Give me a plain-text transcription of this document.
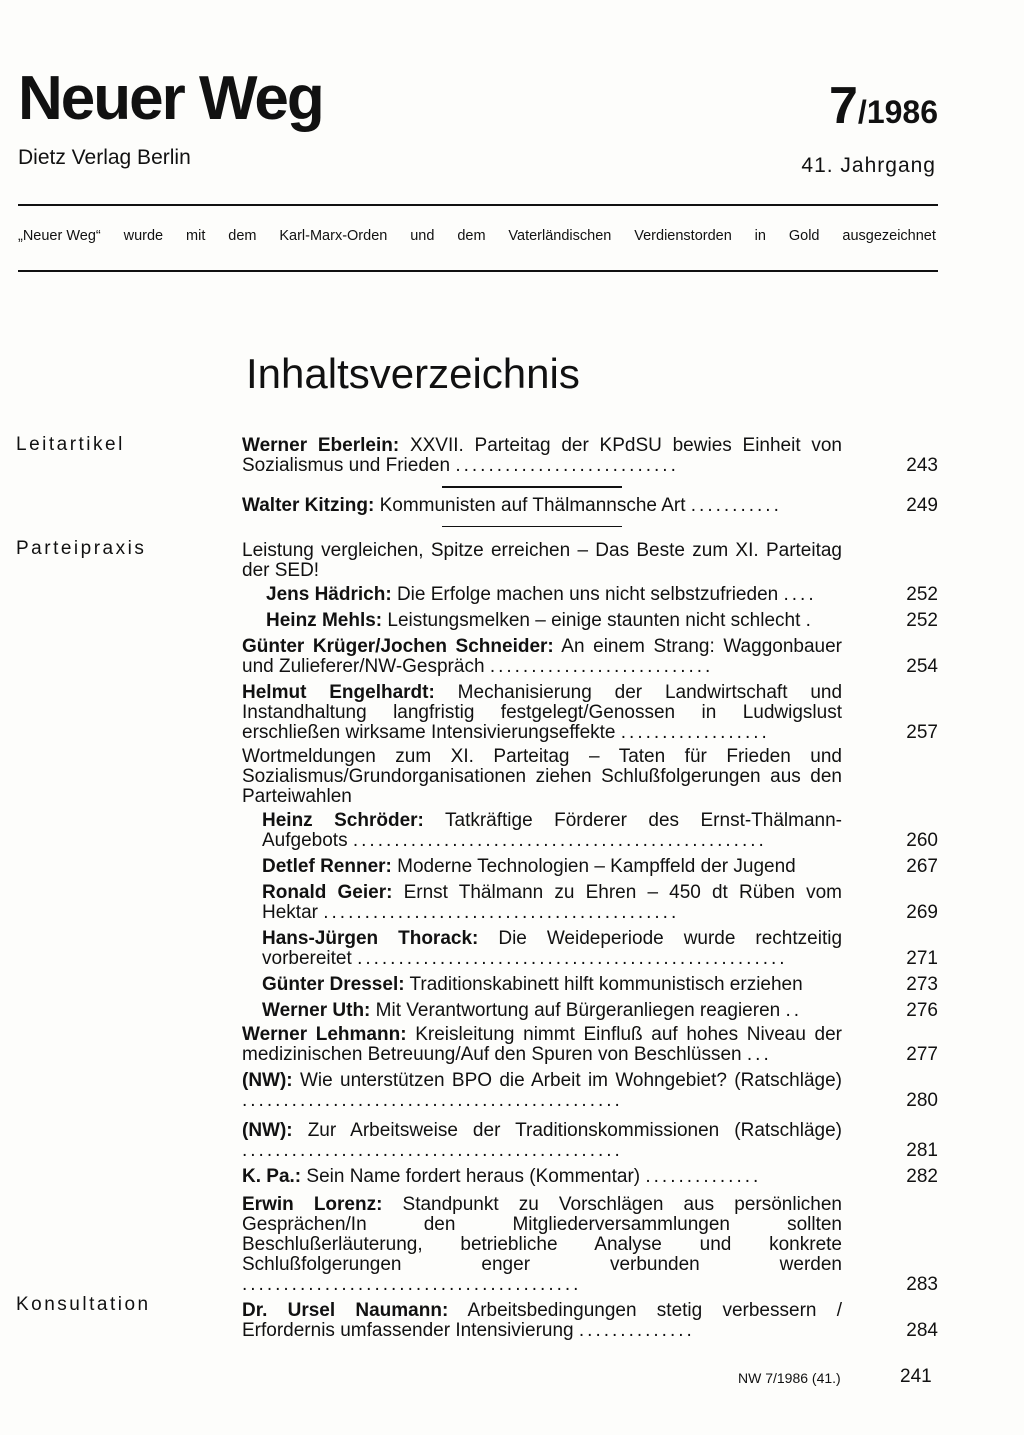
Neuer Weg
Dietz Verlag Berlin
7/1986
41. Jahrgang
„Neuer Weg“ wurde mit dem Karl-Marx-Orden und dem Vaterländischen Verdienstorden in Gold ausgezeichnet
Inhaltsverzeichnis
Leitartikel
Parteipraxis
Konsultation
Werner Eberlein: XXVII. Parteitag der KPdSU bewies Einheit von Sozialismus und Frieden ...........................	243
Walter Kitzing: Kommunisten auf Thälmannsche Art ...........	249
Leistung vergleichen, Spitze erreichen – Das Beste zum XI. Parteitag der SED!
Jens Hädrich: Die Erfolge machen uns nicht selbstzufrieden ....	252
Heinz Mehls: Leistungsmelken – einige staunten nicht schlecht .	252
Günter Krüger/Jochen Schneider: An einem Strang: Waggonbauer und Zulieferer/NW-Gespräch ...........................	254
Helmut Engelhardt: Mechanisierung der Landwirtschaft und Instandhaltung langfristig festgelegt/Genossen in Ludwigslust erschließen wirksame Intensivierungseffekte ..................	257
Wortmeldungen zum XI. Parteitag – Taten für Frieden und Sozialismus/Grundorganisationen ziehen Schlußfolgerungen aus den Parteiwahlen
Heinz Schröder: Tatkräftige Förderer des Ernst-Thälmann-Aufgebots ..................................................	260
Detlef Renner: Moderne Technologien – Kampffeld der Jugend	267
Ronald Geier: Ernst Thälmann zu Ehren – 450 dt Rüben vom Hektar ...........................................	269
Hans-Jürgen Thorack: Die Weideperiode wurde rechtzeitig vorbereitet ....................................................	271
Günter Dressel: Traditionskabinett hilft kommunistisch erziehen	273
Werner Uth: Mit Verantwortung auf Bürgeranliegen reagieren ..	276
Werner Lehmann: Kreisleitung nimmt Einfluß auf hohes Niveau der medizinischen Betreuung/Auf den Spuren von Beschlüssen ...	277
(NW): Wie unterstützen BPO die Arbeit im Wohngebiet? (Ratschläge) ..............................................	280
(NW): Zur Arbeitsweise der Traditionskommissionen (Ratschläge) ..............................................	281
K. Pa.: Sein Name fordert heraus (Kommentar) ..............	282
Erwin Lorenz: Standpunkt zu Vorschlägen aus persönlichen Gesprächen/In den Mitgliederversammlungen sollten Beschlußerläuterung, betriebliche Analyse und konkrete Schlußfolgerungen enger verbunden werden .........................................	283
Dr. Ursel Naumann: Arbeitsbedingungen stetig verbessern / Erfordernis umfassender Intensivierung ..............	284
NW 7/1986 (41.)	241
